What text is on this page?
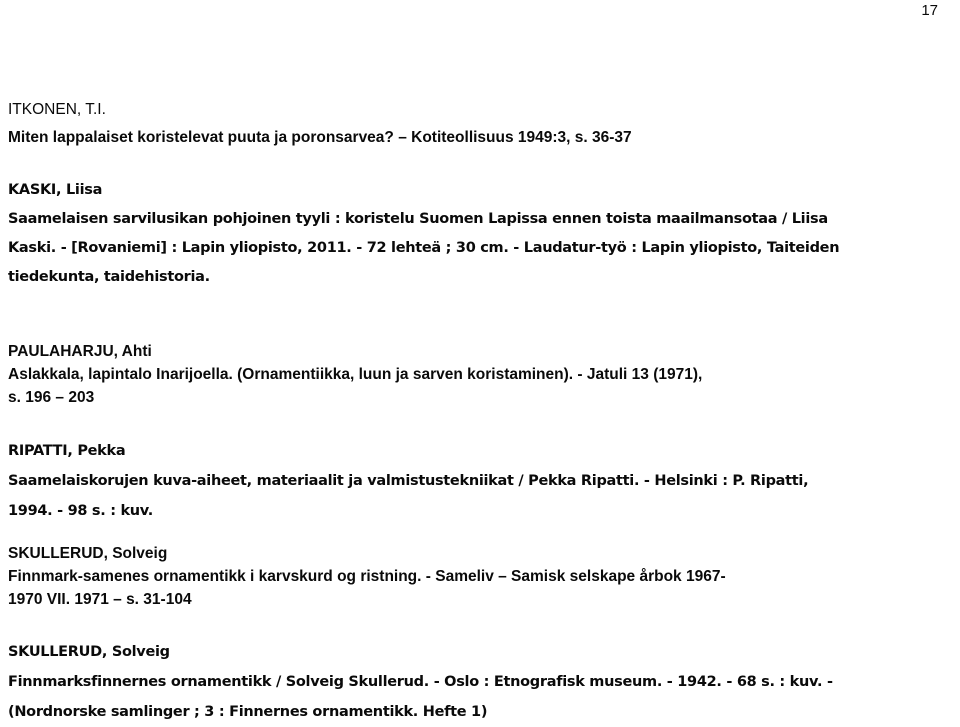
17
ITKONEN, T.I.
Miten lappalaiset koristelevat puuta ja poronsarvea? – Kotiteollisuus 1949:3, s. 36-37
KASKI, Liisa
Saamelaisen sarvilusikan pohjoinen tyyli : koristelu Suomen Lapissa ennen toista maailmansotaa / Liisa
Kaski. - [Rovaniemi] : Lapin yliopisto, 2011. - 72 lehteä ; 30 cm. - Laudatur-työ : Lapin yliopisto, Taiteiden
tiedekunta, taidehistoria.
PAULAHARJU, Ahti
Aslakkala, lapintalo Inarijoella. (Ornamentiikka, luun ja sarven koristaminen). - Jatuli 13 (1971),
s. 196 – 203
RIPATTI, Pekka
Saamelaiskorujen kuva-aiheet, materiaalit ja valmistustekniikat / Pekka Ripatti. - Helsinki : P. Ripatti,
1994. - 98 s. : kuv.
SKULLERUD, Solveig
Finnmark-samenes ornamentikk i karvskurd og ristning. - Sameliv – Samisk selskape årbok 1967-
1970 VII. 1971 – s. 31-104
SKULLERUD, Solveig
Finnmarksfinnernes ornamentikk / Solveig Skullerud. - Oslo : Etnografisk museum. - 1942. - 68 s. : kuv. -
(Nordnorske samlinger ; 3 : Finnernes ornamentikk. Hefte 1)
